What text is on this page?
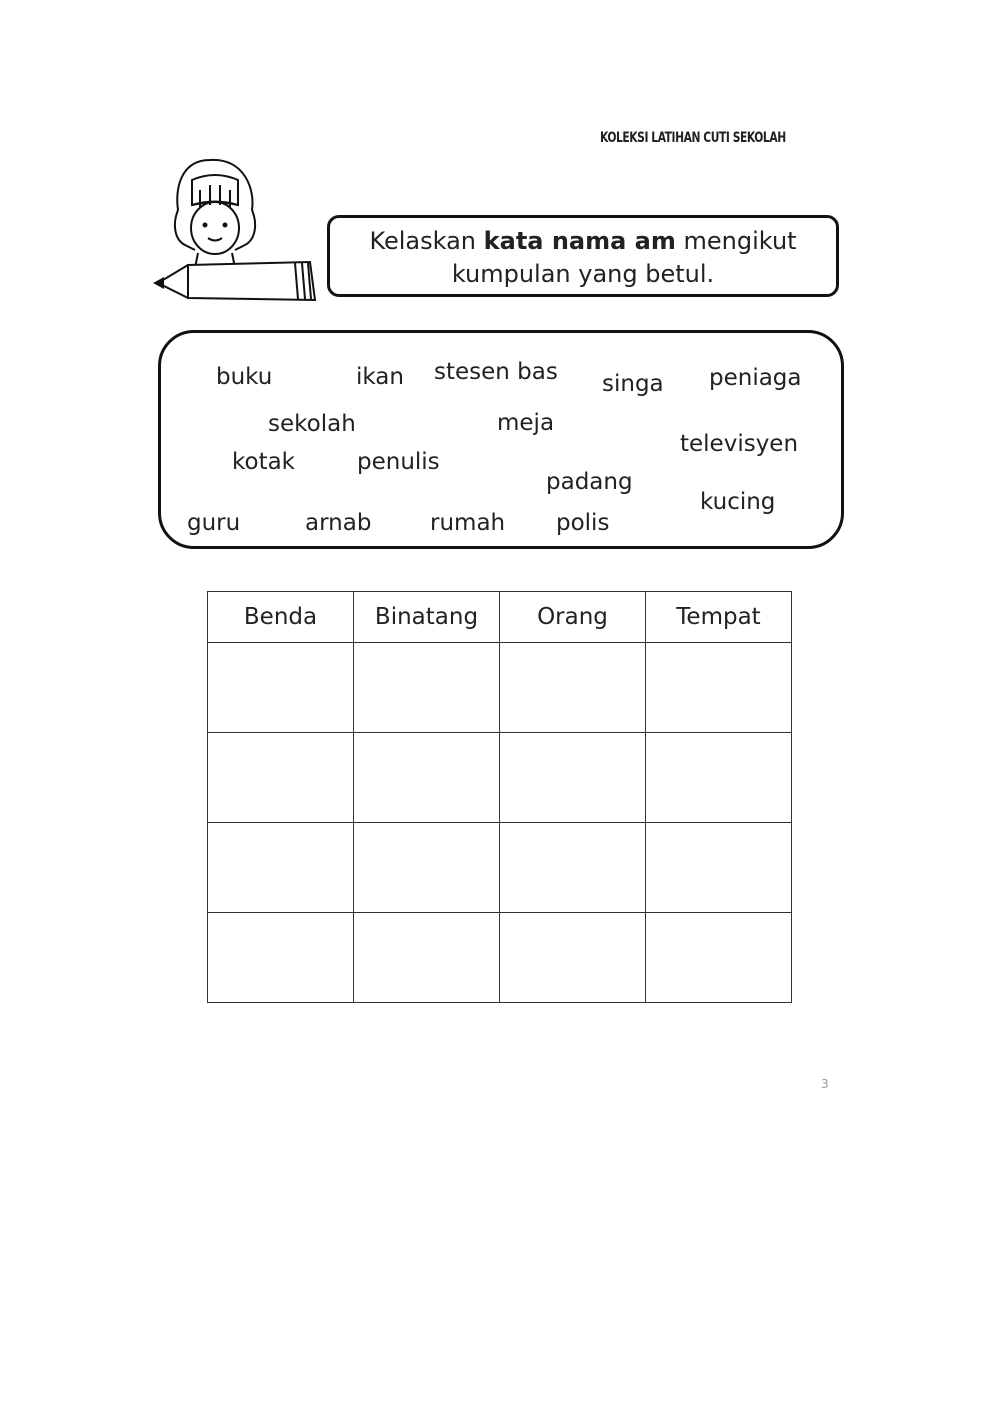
KOLEKSI LATIHAN CUTI SEKOLAH
Kelaskan kata nama am mengikut
kumpulan yang betul.
buku	ikan stesen bas singa peniaga
sekolah	meja
televisyen
kotak	penulis
padang
kucing
guru	arnab	rumah polis
Benda	Binatang	Orang	Tempat

3
